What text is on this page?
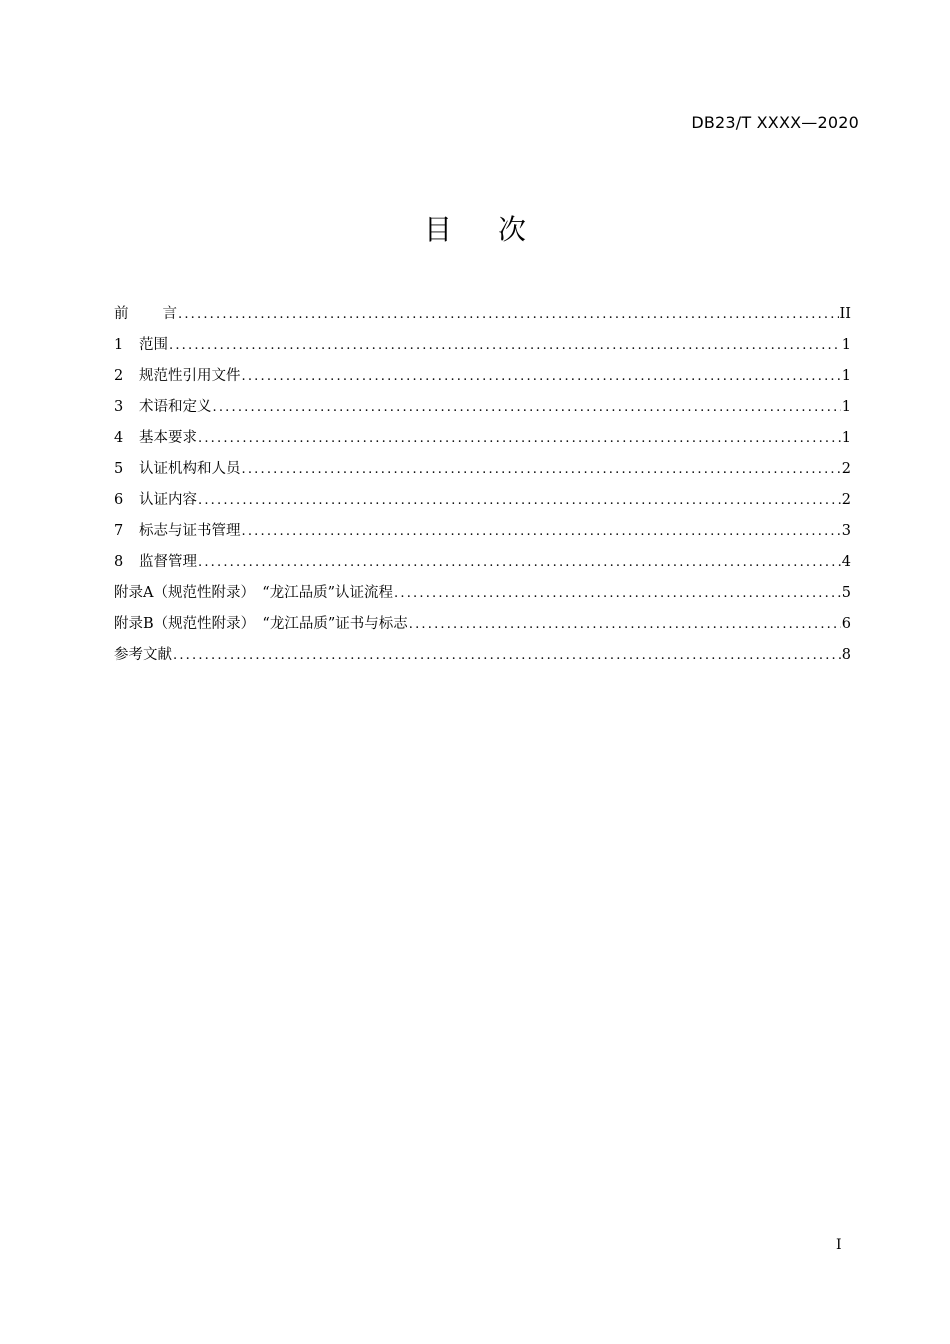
DB23/T XXXX—2020
目 次
前言 .....	II
1	范围 .....	1
2	规范性引用文件 .....	1
3	术语和定义 .....	1
4	基本要求 .....	1
5	认证机构和人员 .....	2
6	认证内容 .....	2
7	标志与证书管理 .....	3
8	监督管理 .....	4
附录A（规范性附录）　“龙江品质”认证流程 .....	5
附录B（规范性附录）　“龙江品质”证书与标志 .....	6
参考文献 .....	8
I
